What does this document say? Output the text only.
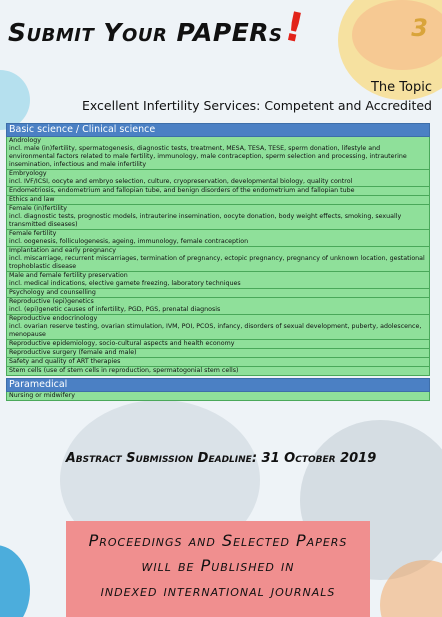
Submit Your PAPERs!	3
The Topic
Excellent Infertility Services: Competent and Accredited
Basic science / Clinical science
Andrology
incl. male (in)fertility, spermatogenesis, diagnostic tests, treatment, MESA, TESA, TESE, sperm donation, lifestyle and environmental factors related to male fertility, immunology, male contraception, sperm selection and processing, intrauterine insemination, infectious and male infertility
Embryology
incl. IVF/ICSI, oocyte and embryo selection, culture, cryopreservation, developmental biology, quality control
Endometriosis, endometrium and fallopian tube, and benign disorders of the endometrium and fallopian tube
Ethics and law
Female (in)fertility
incl. diagnostic tests, prognostic models, intrauterine insemination, oocyte donation, body weight effects, smoking, sexually transmitted diseases)
Female fertility
incl. oogenesis, folliculogenesis, ageing, immunology, female contraception
Implantation and early pregnancy
incl. miscarriage, recurrent miscarriages, termination of pregnancy, ectopic pregnancy, pregnancy of unknown location, gestational trophoblastic disease
Male and female fertility preservation
incl. medical indications, elective gamete freezing, laboratory techniques
Psychology and counselling
Reproductive (epi)genetics
incl. (epi)genetic causes of infertility, PGD, PGS, prenatal diagnosis
Reproductive endocrinology
incl. ovarian reserve testing, ovarian stimulation, IVM, POI, PCOS, infancy, disorders of sexual development, puberty, adolescence, menopause
Reproductive epidemiology, socio-cultural aspects and health economy
Reproductive surgery (female and male)
Safety and quality of ART therapies
Stem cells (use of stem cells in reproduction, spermatogonial stem cells)
Paramedical
Nursing or midwifery
Abstract Submission Deadline: 31 October 2019
Proceedings and Selected Papers
will be Published in
indexed international journals
